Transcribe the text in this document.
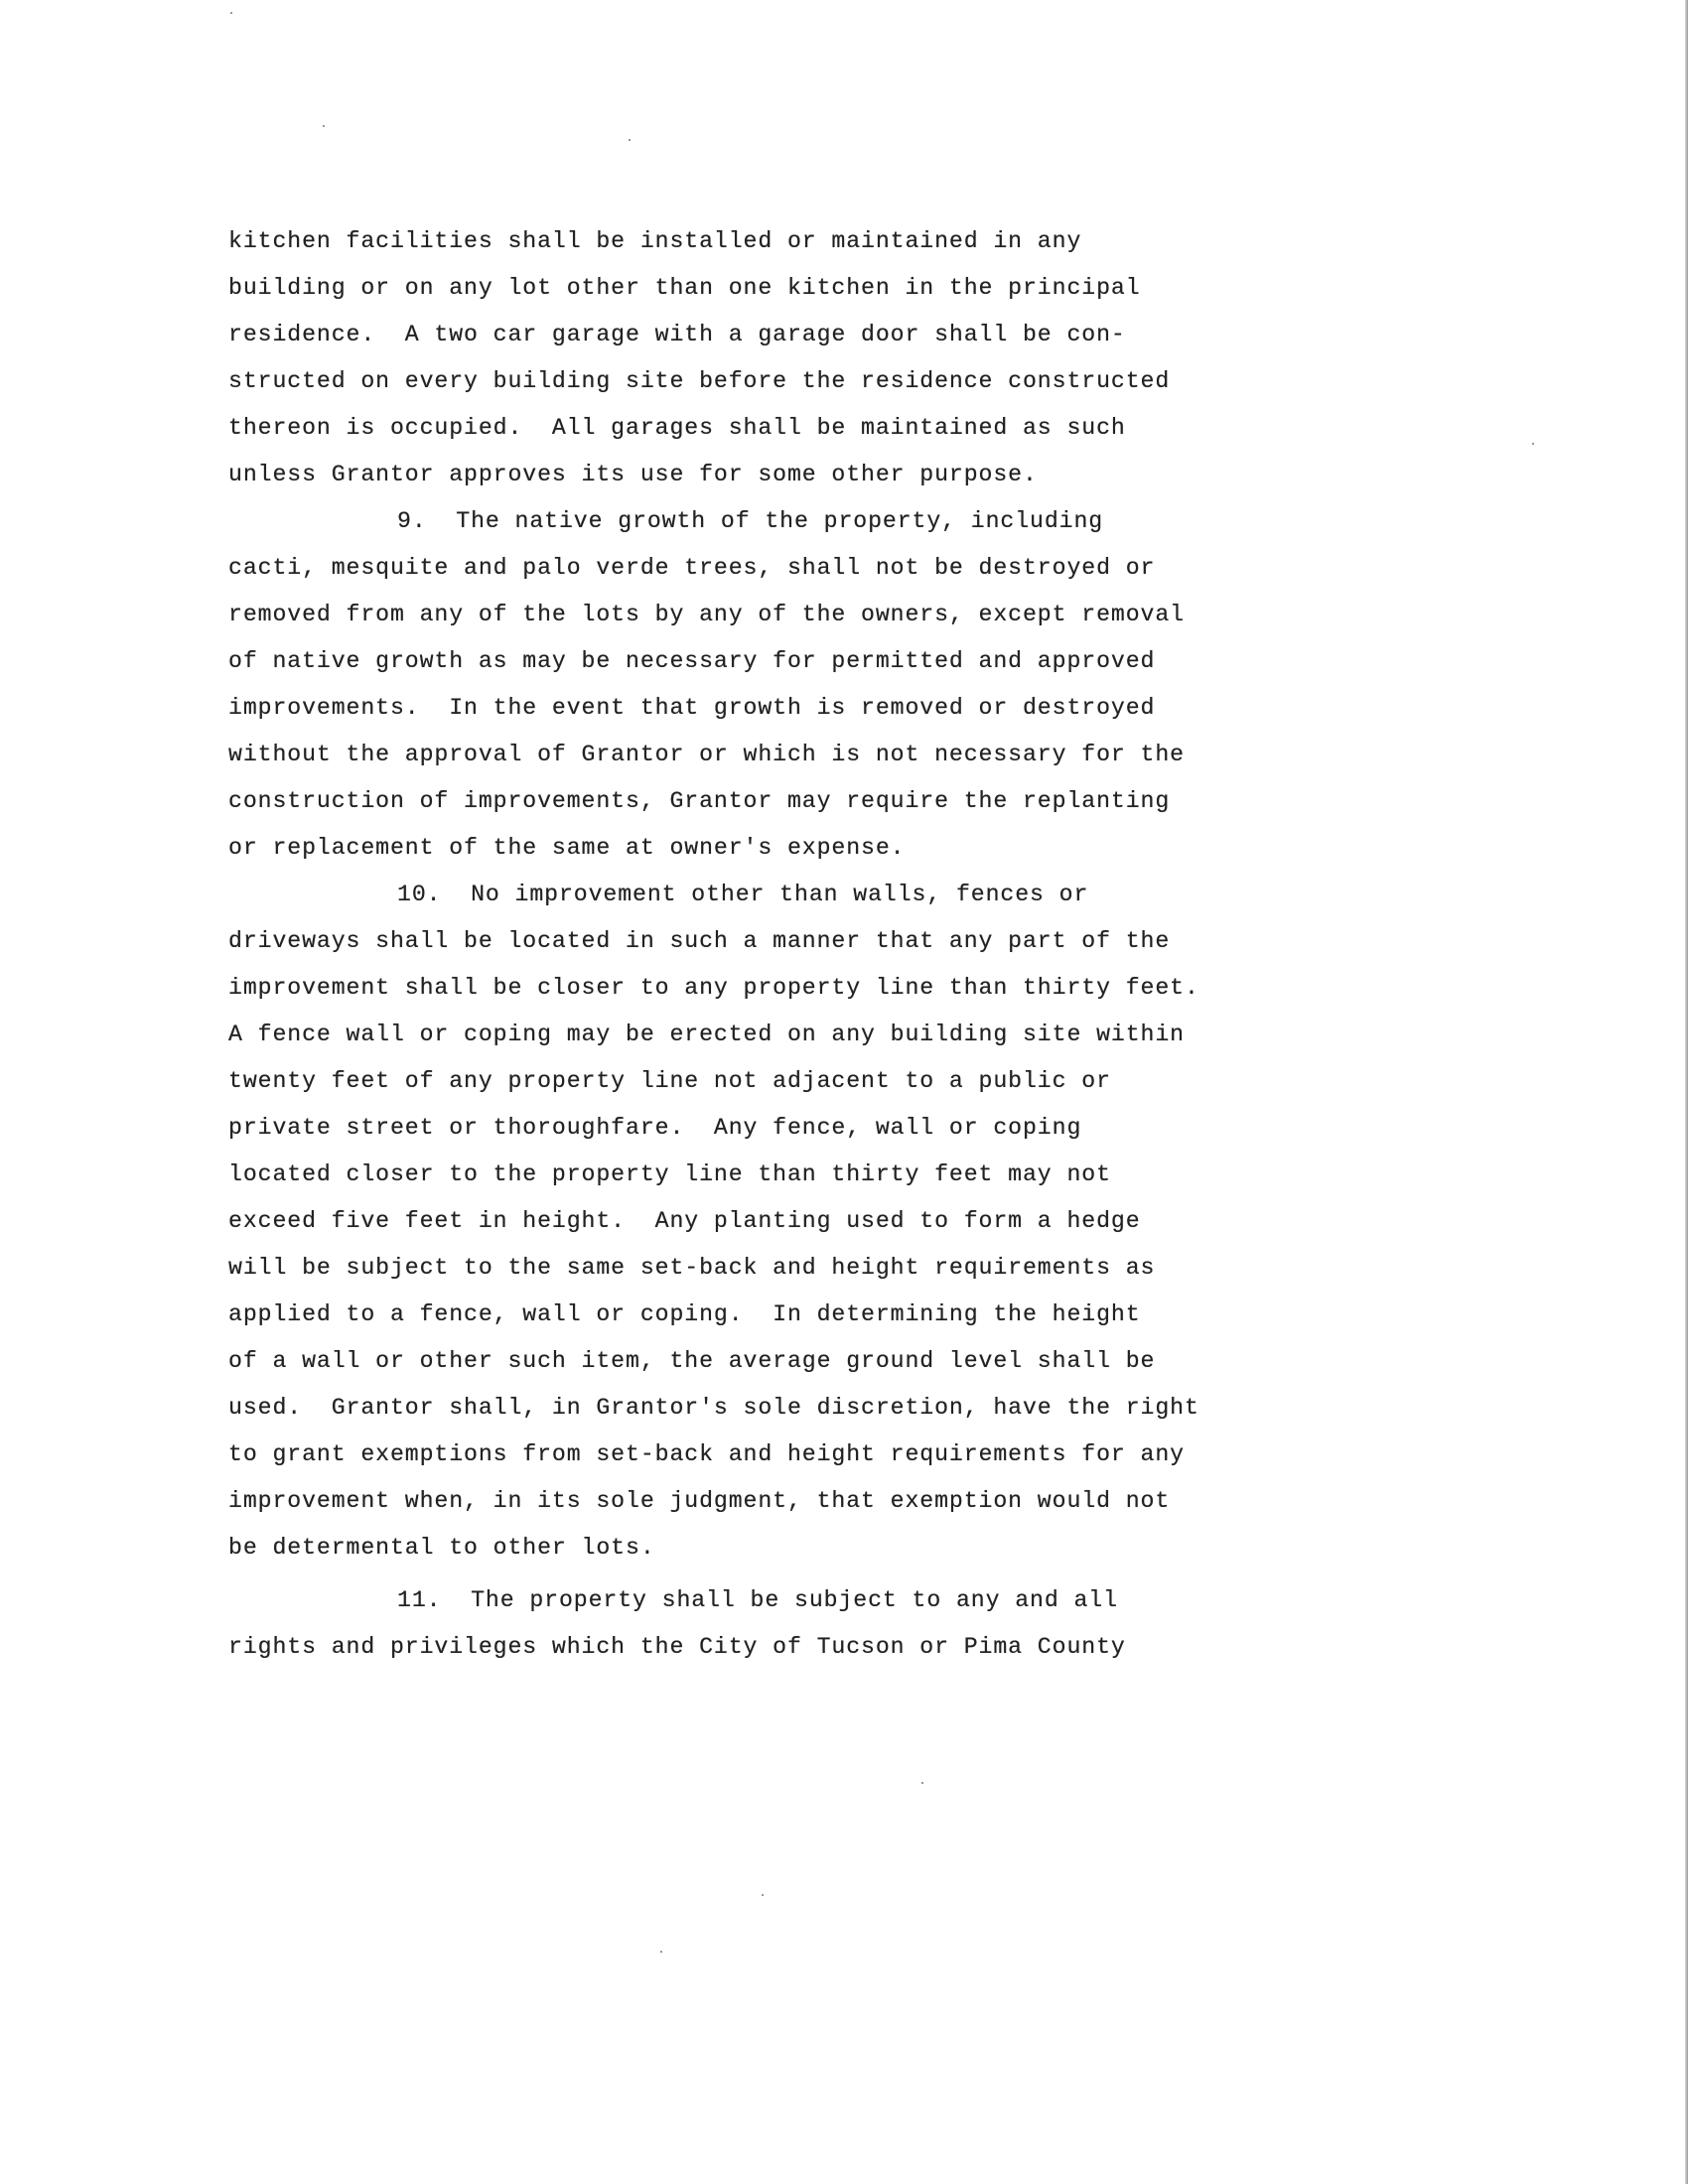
kitchen facilities shall be installed or maintained in any
building or on any lot other than one kitchen in the principal
residence.  A two car garage with a garage door shall be con-
structed on every building site before the residence constructed
thereon is occupied.  All garages shall be maintained as such
unless Grantor approves its use for some other purpose.
9.  The native growth of the property, including
cacti, mesquite and palo verde trees, shall not be destroyed or
removed from any of the lots by any of the owners, except removal
of native growth as may be necessary for permitted and approved
improvements.  In the event that growth is removed or destroyed
without the approval of Grantor or which is not necessary for the
construction of improvements, Grantor may require the replanting
or replacement of the same at owner's expense.
10.  No improvement other than walls, fences or
driveways shall be located in such a manner that any part of the
improvement shall be closer to any property line than thirty feet.
A fence wall or coping may be erected on any building site within
twenty feet of any property line not adjacent to a public or
private street or thoroughfare.  Any fence, wall or coping
located closer to the property line than thirty feet may not
exceed five feet in height.  Any planting used to form a hedge
will be subject to the same set-back and height requirements as
applied to a fence, wall or coping.  In determining the height
of a wall or other such item, the average ground level shall be
used.  Grantor shall, in Grantor's sole discretion, have the right
to grant exemptions from set-back and height requirements for any
improvement when, in its sole judgment, that exemption would not
be determental to other lots.
11.  The property shall be subject to any and all
rights and privileges which the City of Tucson or Pima County
